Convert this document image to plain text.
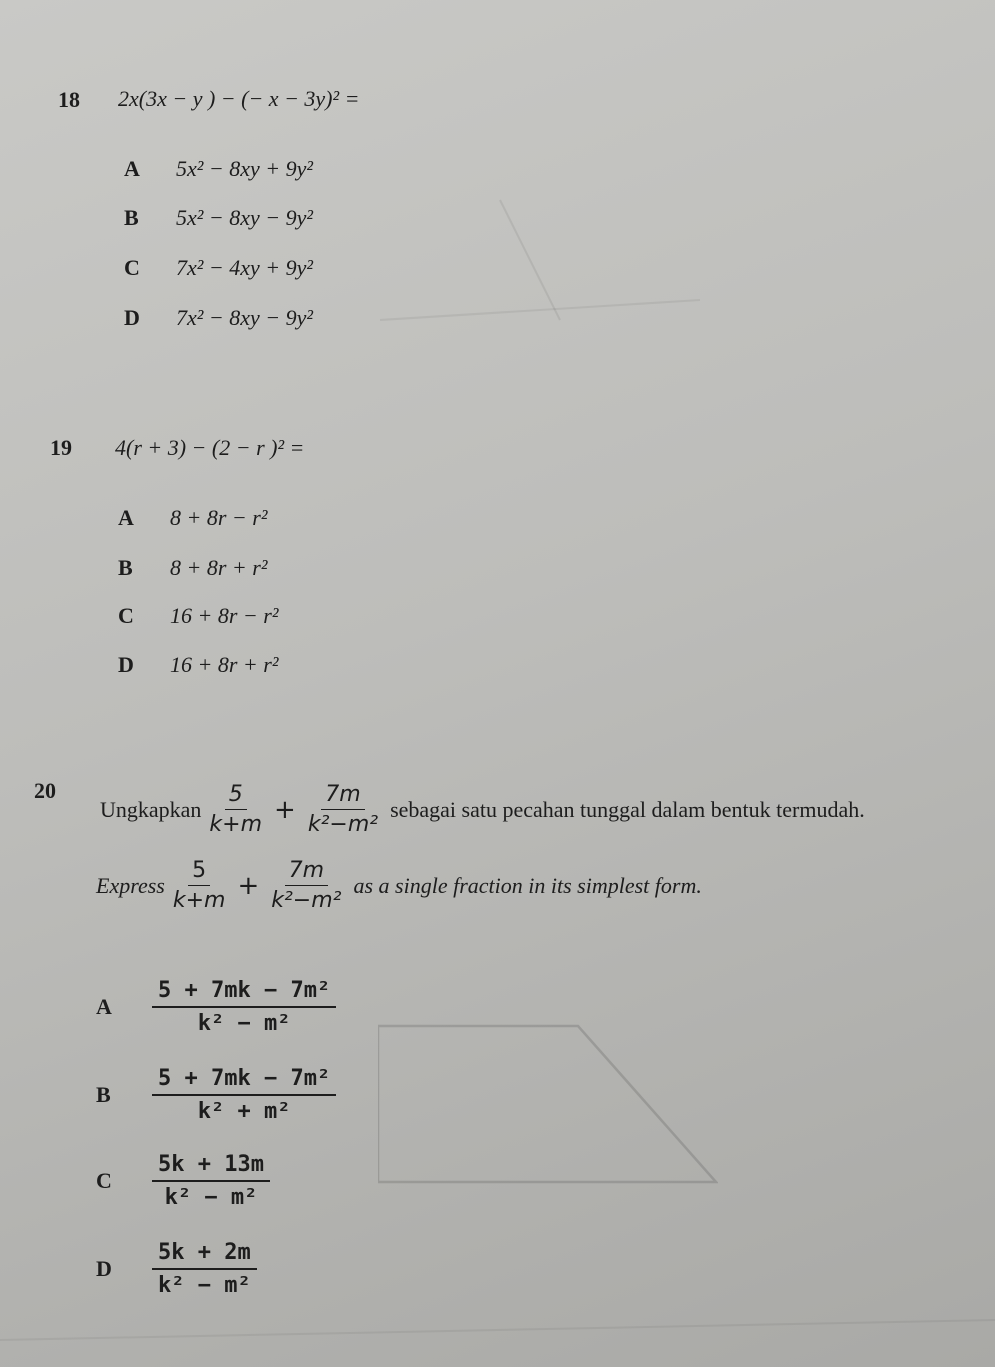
18 2x(3x − y ) − (− x − 3y)² =
A	5x² − 8xy + 9y²
B	5x² − 8xy − 9y²
C	7x² − 4xy + 9y²
D	7x² − 8xy − 9y²
19 4(r + 3) − (2 − r )² =
A	8 + 8r − r²
B	8 + 8r + r²
C	16 + 8r − r²
D	16 + 8r + r²
20
Ungkapkan $\frac{5}{k+m} + \frac{7m}{\text{k²−m²}}$ sebagai satu pecahan tunggal dalam bentuk termudah.
Express $\frac{5}{k+m} + \frac{7m}{\text{k²−m²}}$ as a single fraction in its simplest form.
A	$\frac{\text{5 + 7mk − 7m²}}{\text{k² − m²}}$
B	$\frac{\text{5 + 7mk − 7m²}}{\text{k² + m²}}$
C	$\frac{5k + 13m}{\text{k² − m²}}$
D	$\frac{5k + 2m}{\text{k² − m²}}$
